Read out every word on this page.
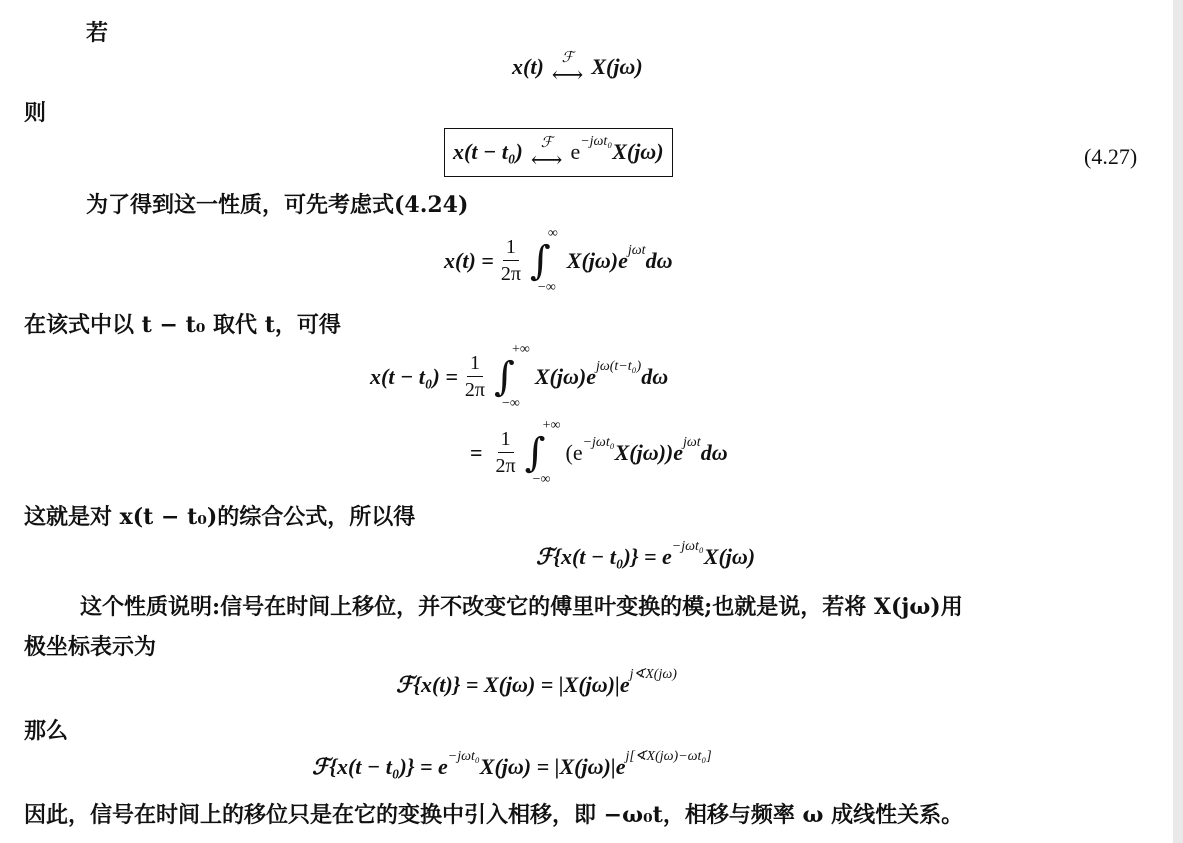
若
x(t) ℱ
⟷ X(jω)
则
x(t − t₀) ℱ
⟷ e −jωt₀ X(jω)	(4.27)
为了得到这一性质，可先考虑式(4.24)
$x(t) = \frac{1}{2\pi}$ ∫
∞
−∞
X(jω)e jωt dω
在该式中以 t − t₀ 取代 t，可得
$x(t - t_0) = \frac{1}{2\pi}$ ∫
+∞
−∞
X(jω)e jω(t−t₀) dω
= $\frac{1}{2\pi}$ ∫
+∞
−∞
(e −jωt₀ X(jω))e jωt dω
这就是对 x(t − t₀)的综合公式，所以得
ℱ {x(t − t₀)} = e −jωt₀ X(jω)
这个性质说明:信号在时间上移位，并不改变它的傅里叶变换的模;也就是说，若将 X(jω)用
极坐标表示为
ℱ {x(t)} = X(jω) = |X(jω)|e j∢X(jω)
那么
ℱ {x(t − t₀)} = e −jωt₀ X(jω) = |X(jω)|e j[∢X(jω)−ωt₀]
因此，信号在时间上的移位只是在它的变换中引入相移，即 −ω₀t，相移与频率 ω 成线性关系。
